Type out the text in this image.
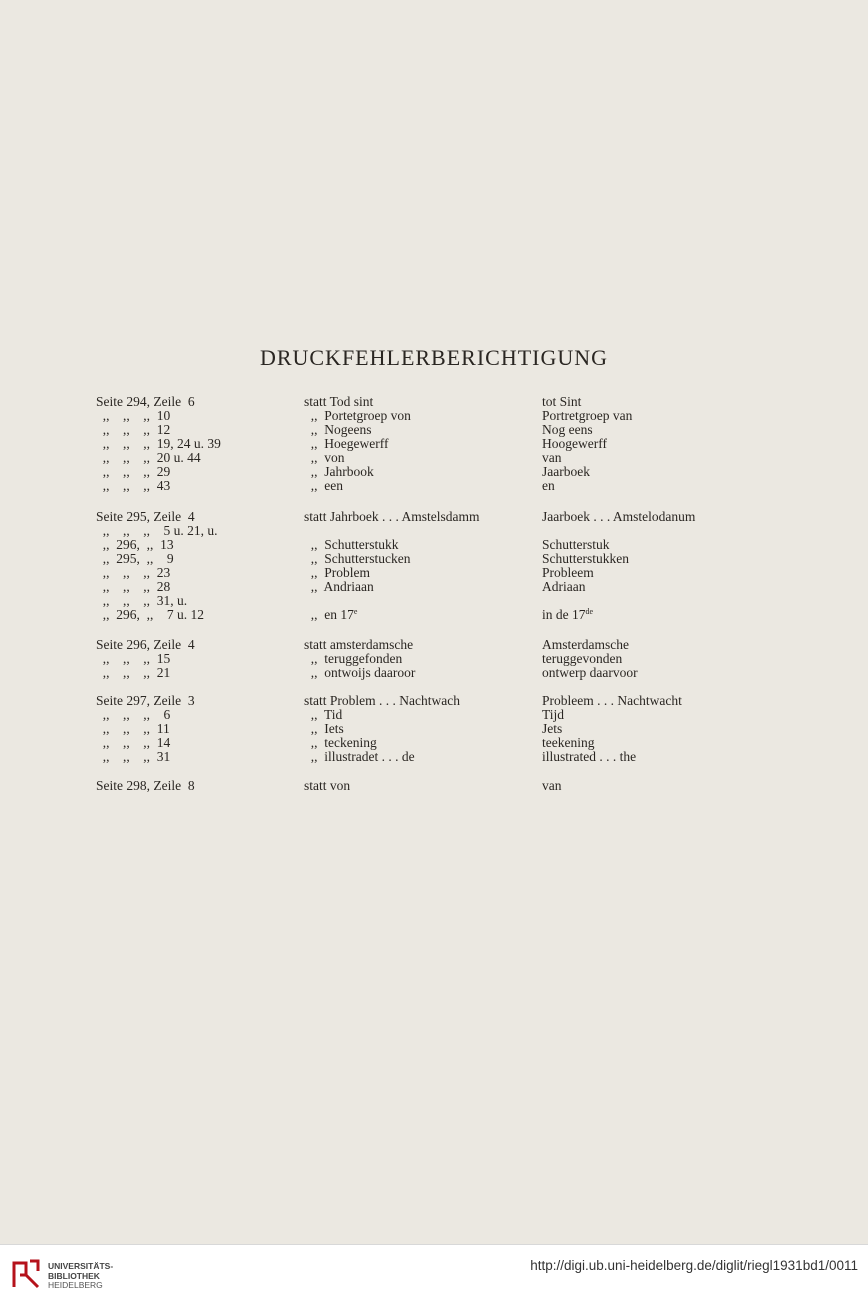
DRUCKFEHLERBERICHTIGUNG
Seite 294, Zeile  6	statt Tod sint	tot Sint
,,    ,,    ,,  10	,,  Portetgroep von	Portretgroep van
,,    ,,    ,,  12	,,  Nogeens	Nog eens
,,    ,,    ,,  19, 24 u. 39	,,  Hoegewerff	Hoogewerff
,,    ,,    ,,  20 u. 44	,,  von	van
,,    ,,    ,,  29	,,  Jahrbook	Jaarboek
,,    ,,    ,,  43	,,  een	en
Seite 295, Zeile  4	statt Jahrboek . . . Amstelsdamm	Jaarboek . . . Amstelodanum
,,    ,,    ,,    5 u. 21, u.
,,  296,  ,,  13	,,  Schutterstukk	Schutterstuk
,,  295,  ,,    9	,,  Schutterstucken	Schutterstukken
,,    ,,    ,,  23	,,  Problem	Probleem
,,    ,,    ,,  28	,,  Andriaan	Adriaan
,,    ,,    ,,  31, u.
,,  296,  ,,    7 u. 12	,,  en 17e	in de 17de
Seite 296, Zeile  4	statt amsterdamsche	Amsterdamsche
,,    ,,    ,,  15	,,  teruggefonden	teruggevonden
,,    ,,    ,,  21	,,  ontwoijs daaroor	ontwerp daarvoor
Seite 297, Zeile  3	statt Problem . . . Nachtwach	Probleem . . . Nachtwacht
,,    ,,    ,,    6	,,  Tid	Tijd
,,    ,,    ,,  11	,,  Iets	Jets
,,    ,,    ,,  14	,,  teckening	teekening
,,    ,,    ,,  31	,,  illustradet . . . de	illustrated . . . the
Seite 298, Zeile  8	statt von	van
UNIVERSITÄTS-
BIBLIOTHEK
HEIDELBERG
http://digi.ub.uni-heidelberg.de/diglit/riegl1931bd1/0011
